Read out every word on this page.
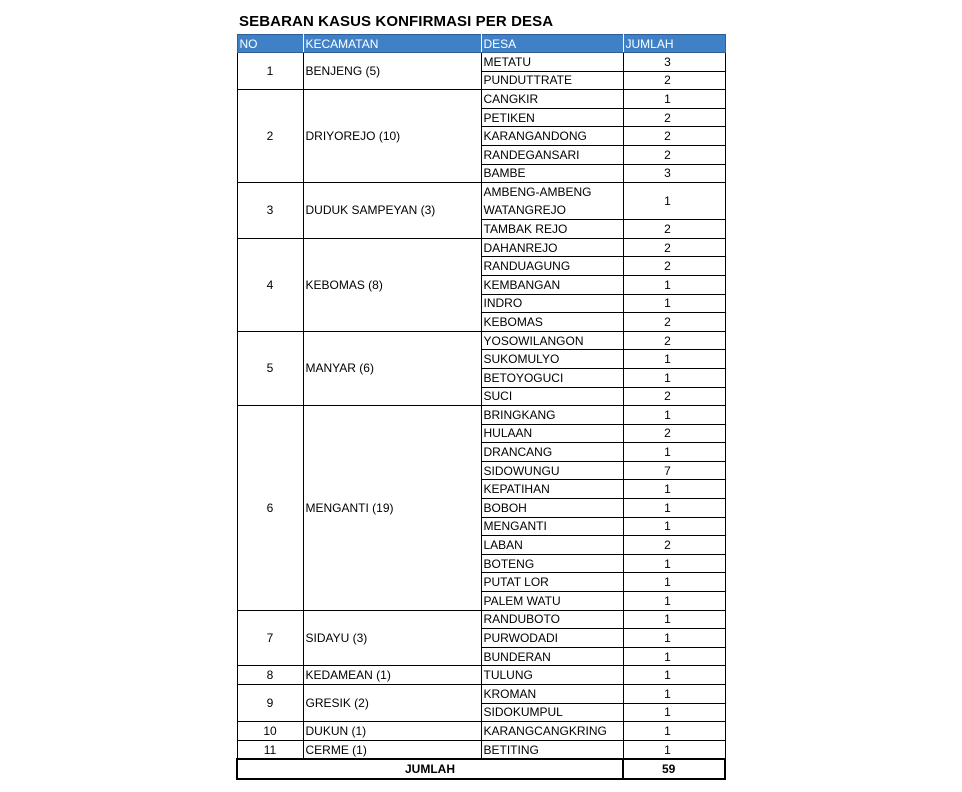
SEBARAN KASUS KONFIRMASI PER DESA
NO	KECAMATAN	DESA	JUMLAH
1	BENJENG (5)	METATU	3
		PUNDUTTRATE	2
2	DRIYOREJO (10)	CANGKIR	1
		PETIKEN	2
		KARANGANDONG	2
		RANDEGANSARI	2
		BAMBE	3
3	DUDUK SAMPEYAN (3)	AMBENG-AMBENG WATANGREJO	1
		TAMBAK REJO	2
4	KEBOMAS (8)	DAHANREJO	2
		RANDUAGUNG	2
		KEMBANGAN	1
		INDRO	1
		KEBOMAS	2
5	MANYAR (6)	YOSOWILANGON	2
		SUKOMULYO	1
		BETOYOGUCI	1
		SUCI	2
6	MENGANTI (19)	BRINGKANG	1
		HULAAN	2
		DRANCANG	1
		SIDOWUNGU	7
		KEPATIHAN	1
		BOBOH	1
		MENGANTI	1
		LABAN	2
		BOTENG	1
		PUTAT LOR	1
		PALEM WATU	1
7	SIDAYU (3)	RANDUBOTO	1
		PURWODADI	1
		BUNDERAN	1
8	KEDAMEAN (1)	TULUNG	1
9	GRESIK (2)	KROMAN	1
		SIDOKUMPUL	1
10	DUKUN (1)	KARANGCANGKRING	1
11	CERME (1)	BETITING	1
JUMLAH			59
